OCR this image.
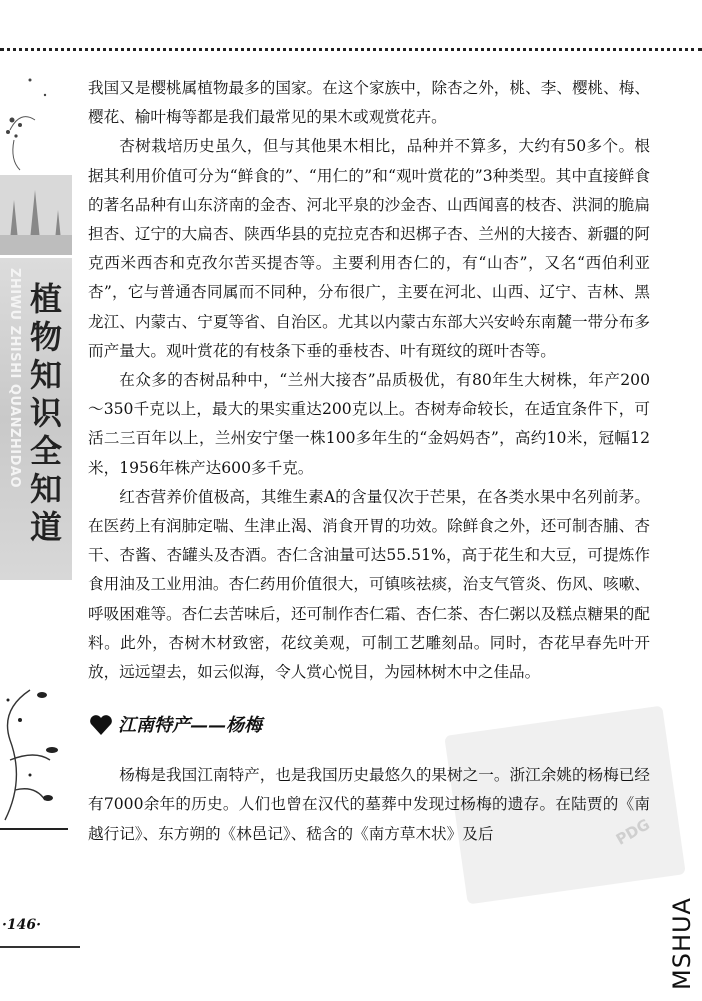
ZHIWU ZHISHI QUANZHIDAO 植物知识全知道
PDG

我国又是樱桃属植物最多的国家。在这个家族中，除杏之外，桃、李、樱桃、梅、樱花、榆叶梅等都是我们最常见的果木或观赏花卉。

杏树栽培历史虽久，但与其他果木相比，品种并不算多，大约有50多个。根据其利用价值可分为“鲜食的”、“用仁的”和“观叶赏花的”3种类型。其中直接鲜食的著名品种有山东济南的金杏、河北平泉的沙金杏、山西闻喜的枝杏、洪洞的脆扁担杏、辽宁的大扁杏、陕西华县的克拉克杏和迟梆子杏、兰州的大接杏、新疆的阿克西米西杏和克孜尔苦买提杏等。主要利用杏仁的，有“山杏”，又名“西伯利亚杏”，它与普通杏同属而不同种，分布很广，主要在河北、山西、辽宁、吉林、黑龙江、内蒙古、宁夏等省、自治区。尤其以内蒙古东部大兴安岭东南麓一带分布多而产量大。观叶赏花的有枝条下垂的垂枝杏、叶有斑纹的斑叶杏等。

在众多的杏树品种中，“兰州大接杏”品质极优，有80年生大树株，年产200～350千克以上，最大的果实重达200克以上。杏树寿命较长，在适宜条件下，可活二三百年以上，兰州安宁堡一株100多年生的“金妈妈杏”，高约10米，冠幅12米，1956年株产达600多千克。

红杏营养价值极高，其维生素A的含量仅次于芒果，在各类水果中名列前茅。在医药上有润肺定喘、生津止渴、消食开胃的功效。除鲜食之外，还可制杏脯、杏干、杏酱、杏罐头及杏酒。杏仁含油量可达55.51%，高于花生和大豆，可提炼作食用油及工业用油。杏仁药用价值很大，可镇咳祛痰，治支气管炎、伤风、咳嗽、呼吸困难等。杏仁去苦味后，还可制作杏仁霜、杏仁茶、杏仁粥以及糕点糖果的配料。此外，杏树木材致密，花纹美观，可制工艺雕刻品。同时，杏花早春先叶开放，远远望去，如云似海，令人赏心悦目，为园林树木中之佳品。

江南特产——杨梅

杨梅是我国江南特产，也是我国历史最悠久的果树之一。浙江余姚的杨梅已经有7000余年的历史。人们也曾在汉代的墓葬中发现过杨梅的遗存。在陆贾的《南越行记》、东方朔的《林邑记》、嵇含的《南方草木状》及后

·146·	MSHUA
